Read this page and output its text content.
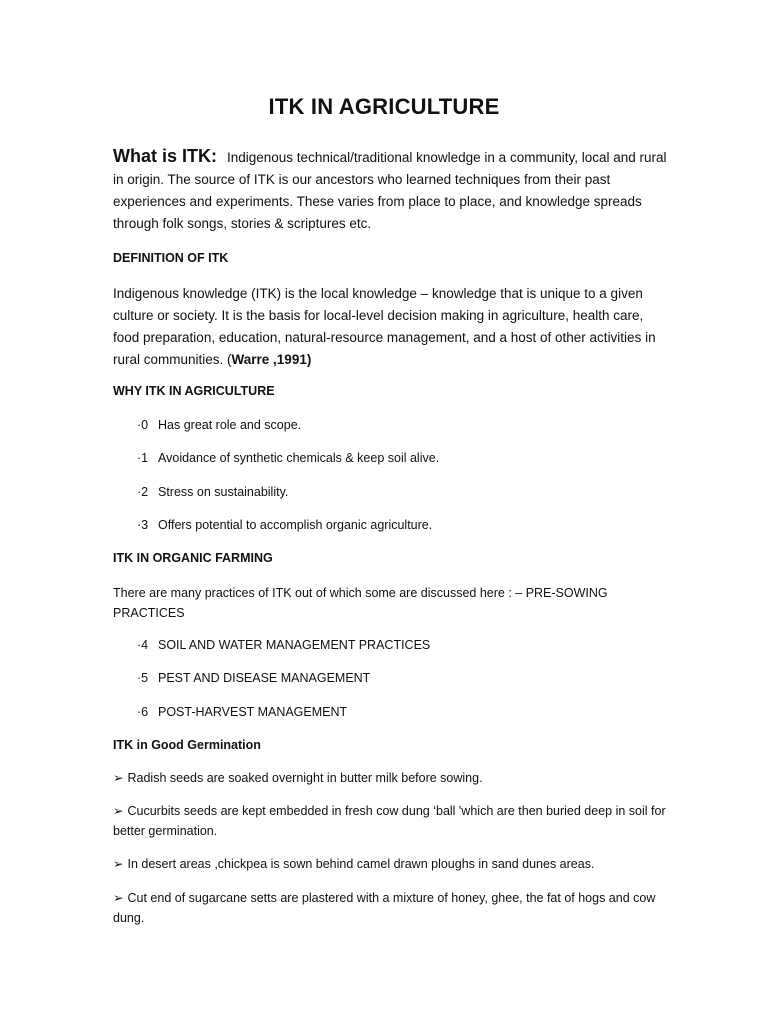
ITK IN AGRICULTURE
What is ITK: Indigenous technical/traditional knowledge in a community, local and rural in origin. The source of ITK is our ancestors who learned techniques from their past experiences and experiments. These varies from place to place, and knowledge spreads through folk songs, stories & scriptures etc.
DEFINITION OF ITK
Indigenous knowledge (ITK) is the local knowledge – knowledge that is unique to a given culture or society. It is the basis for local-level decision making in agriculture, health care, food preparation, education, natural-resource management, and a host of other activities in rural communities. (Warre ,1991)
WHY ITK IN AGRICULTURE
·0 Has great role and scope.
·1 Avoidance of synthetic chemicals & keep soil alive.
·2 Stress on sustainability.
·3 Offers potential to accomplish organic agriculture.
ITK IN ORGANIC FARMING
There are many practices of ITK out of which some are discussed here : – PRE-SOWING PRACTICES
·4 SOIL AND WATER MANAGEMENT PRACTICES
·5 PEST AND DISEASE MANAGEMENT
·6 POST-HARVEST MANAGEMENT
ITK in Good Germination
➢ Radish seeds are soaked overnight in butter milk before sowing.
➢ Cucurbits seeds are kept embedded in fresh cow dung ‘ball 'which are then buried deep in soil for better germination.
➢ In desert areas ,chickpea is sown behind camel drawn ploughs in sand dunes areas.
➢ Cut end of sugarcane setts are plastered with a mixture of honey, ghee, the fat of hogs and cow dung.
